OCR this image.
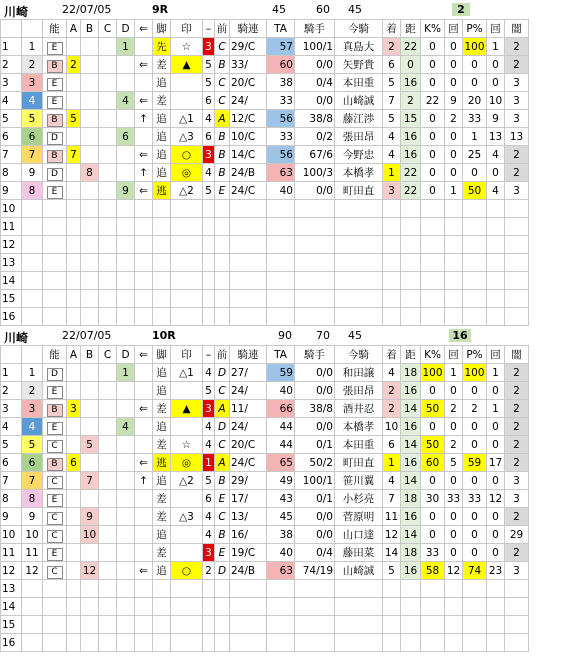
川崎	22/07/05	9R	45	60 45	2
		能	A	B	C	D	⇐	脚	印	–	前	騎連	TA	騎手	今騎	着	距	K%	回	P%	回	闇
1	1	E				1		先	☆	3	C	29/C	57	100/1	真島大	2	22	0	0	100	1	2
2	2	B	2				⇐	差	▲	5	B	33/	60	0/0	矢野貴	6	0	0	0	0	0	2
3	3	E						追		5	C	20/C	38	0/4	本田重	5	16	0	0	0	0	3
4	4	E				4	⇐	差		6	C	24/	33	0/0	山崎誠	7	2	22	9	20	10	3
5	5	B	5				↑	追	△1	4	A	12/C	56	38/8	藤江渉	5	15	0	2	33	9	3
6	6	D				6		追	△3	6	B	10/C	33	0/2	張田昂	4	16	0	0	1	13	13
7	7	B	7				⇐	追	○	3	B	14/C	56	67/6	今野忠	4	16	0	0	25	4	2
8	9	D		8			↑	追	◎	4	B	24/B	63	100/3	本橋孝	1	22	0	0	0	0	2
9	8	E				9	⇐	逃	△2	5	E	24/C	40	0/0	町田直	3	22	0	1	50	4	3
10																						
11																						
12																						
13																						
14																						
15																						
16																						
川崎	22/07/05	10R	90 70 45	16
		能	A	B	C	D	⇐	脚	印	–	前	騎連	TA	騎手	今騎	着	距	K%	回	P%	回	闇
1	1	D				1		追	△1	4	D	27/	59	0/0	和田譲	4	18	100	1	100	1	2
2	2	E						追		5	C	24/	40	0/0	張田昂	2	16	0	0	0	0	2
3	3	B	3				⇐	差	▲	3	A	11/	66	38/8	酒井忍	2	14	50	2	2	1	2
4	4	E				4		追		4	D	24/	44	0/0	本橋孝	10	16	0	0	0	0	2
5	5	C		5				差	☆	4	C	20/C	44	0/1	本田重	6	14	50	2	0	0	2
6	6	B	6				⇐	逃	◎	1	A	24/C	65	50/2	町田直	1	16	60	5	59	17	2
7	7	C		7			↑	追	△2	5	B	29/	49	100/1	笹川翼	4	14	0	0	0	0	3
8	8	E						差		6	E	17/	43	0/1	小杉亮	7	18	30	33	33	12	3
9	9	C		9				差	△3	4	C	13/	45	0/0	菅原明	11	16	0	0	0	0	2
10	10	C		10				追		4	B	16/	38	0/0	山口達	12	14	0	0	0	0	29
11	11	E						差		3	E	19/C	40	0/4	藤田菜	14	18	33	0	0	0	2
12	12	C		12			⇐	追	○	2	D	24/B	63	74/19	山崎誠	5	16	58	12	74	23	3
13																						
14																						
15																						
16																						
